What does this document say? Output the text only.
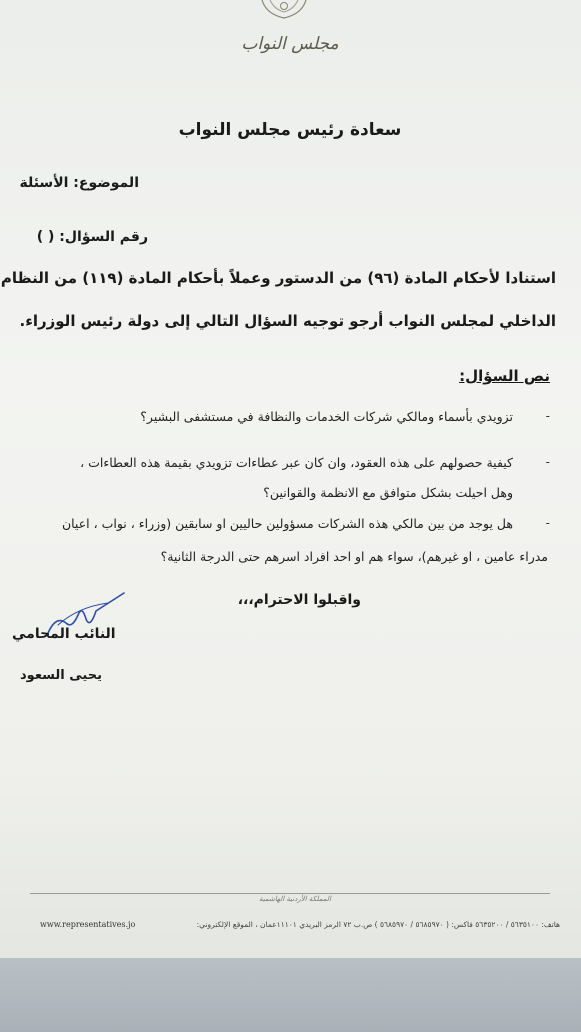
مجلس النواب
سعادة رئيس مجلس النواب
الموضوع: الأسئلة
رقم السؤال: ( )
استنادا لأحكام المادة (٩٦) من الدستور وعملاً بأحكام المادة (١١٩) من النظام
الداخلي لمجلس النواب أرجو توجيه السؤال التالي إلى دولة رئيس الوزراء.
نص السؤال:
-
تزويدي بأسماء ومالكي شركات الخدمات والنظافة في مستشفى البشير؟
-
كيفية حصولهم على هذه العقود، وان كان عبر عطاءات تزويدي بقيمة هذه العطاءات ،
وهل احيلت بشكل متوافق مع الانظمة والقوانين؟
-
هل يوجد من بين مالكي هذه الشركات مسؤولين حاليين او سابقين (وزراء ، نواب ، اعيان
مدراء عامين ، او غيرهم)، سواء هم او احد افراد اسرهم حتى الدرجة الثانية؟
واقبلوا الاحترام،،،
النائب المحامي
يحيى السعود
المملكة الأردنية الهاشمية
هاتف: ٥٦٣٥١٠٠ / ٥٦٣٥٢٠٠ فاكس: ( ٥٦٨٥٩٧٠ / ٥٦٨٥٩٧٠ ) ص.ب ٧٢ الرمز البريدي ١١١٠١عمان ، الموقع الإلكتروني:
www.representatives.jo
